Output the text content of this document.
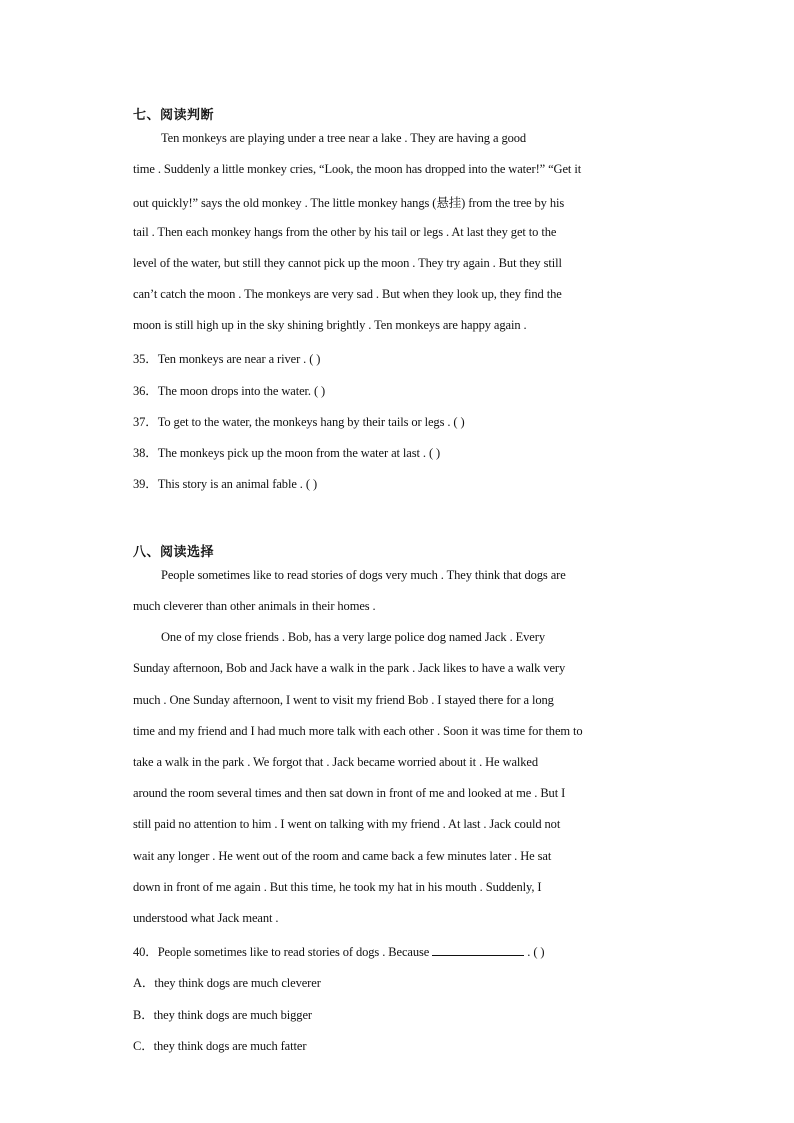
七、阅读判断
Ten monkeys are playing under a tree near a lake . They are having a good
time . Suddenly a little monkey cries, “Look, the moon has dropped into the water!” “Get it
out quickly!” says the old monkey . The little monkey hangs (悬挂) from the tree by his
tail . Then each monkey hangs from the other by his tail or legs . At last they get to the
level of the water, but still they cannot pick up the moon . They try again . But they still
can’t catch the moon . The monkeys are very sad . But when they look up, they find the
moon is still high up in the sky shining brightly . Ten monkeys are happy again .
35．Ten monkeys are near a river . ( )
36．The moon drops into the water. ( )
37．To get to the water, the monkeys hang by their tails or legs . ( )
38．The monkeys pick up the moon from the water at last . ( )
39．This story is an animal fable . ( )
八、阅读选择
People sometimes like to read stories of dogs very much . They think that dogs are
much cleverer than other animals in their homes .
One of my close friends . Bob, has a very large police dog named Jack . Every
Sunday afternoon, Bob and Jack have a walk in the park . Jack likes to have a walk very
much . One Sunday afternoon, I went to visit my friend Bob . I stayed there for a long
time and my friend and I had much more talk with each other . Soon it was time for them to
take a walk in the park . We forgot that . Jack became worried about it . He walked
around the room several times and then sat down in front of me and looked at me . But I
still paid no attention to him . I went on talking with my friend . At last . Jack could not
wait any longer . He went out of the room and came back a few minutes later . He sat
down in front of me again . But this time, he took my hat in his mouth . Suddenly, I
understood what Jack meant .
40．People sometimes like to read stories of dogs . Because	. ( )
A．they think dogs are much cleverer
B．they think dogs are much bigger
C．they think dogs are much fatter
